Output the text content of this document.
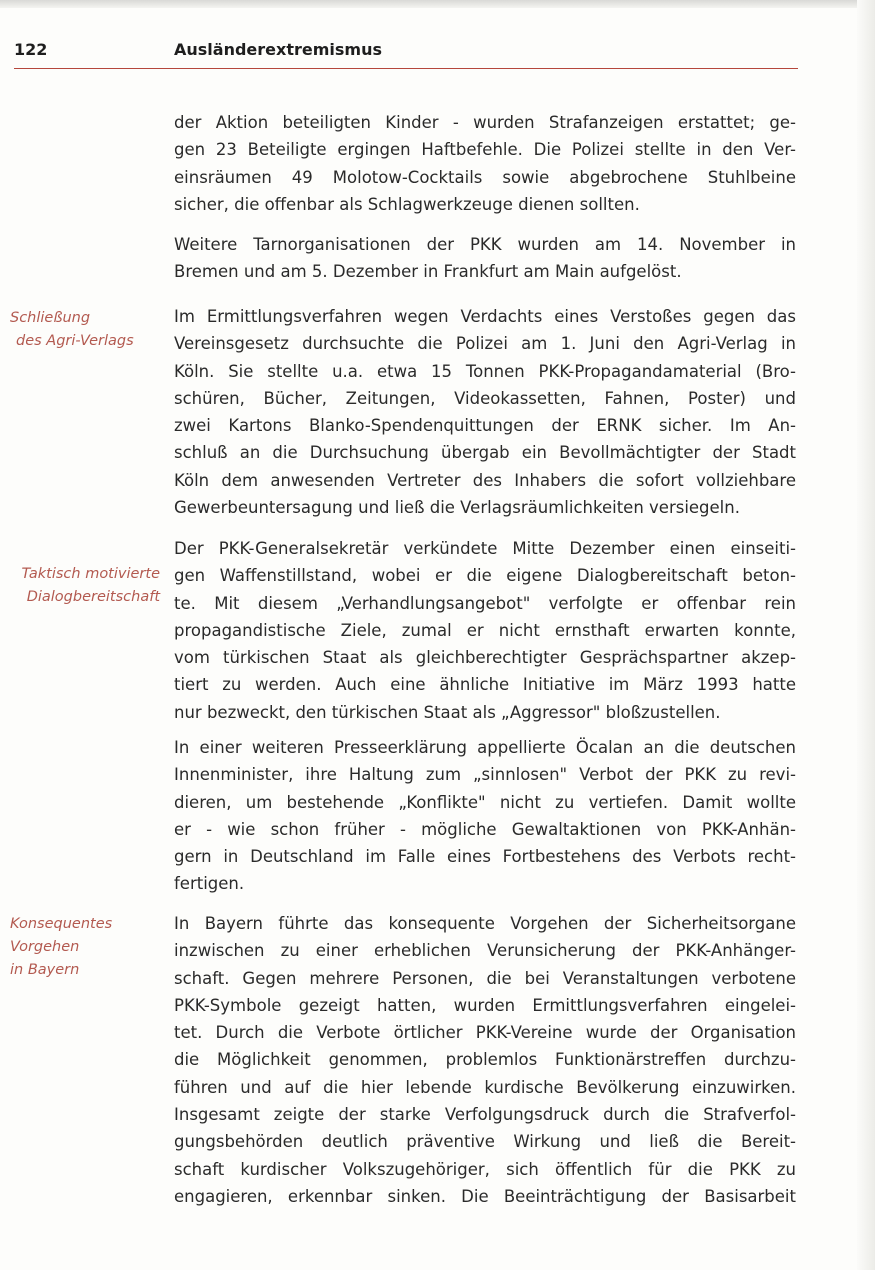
122	Ausländerextremismus
Schließung
des Agri-Verlags
Taktisch motivierte
Dialogbereitschaft
Konsequentes
Vorgehen
in Bayern
der Aktion beteiligten Kinder - wurden Strafanzeigen erstattet; ge-
gen 23 Beteiligte ergingen Haftbefehle. Die Polizei stellte in den Ver-
einsräumen 49 Molotow-Cocktails sowie abgebrochene Stuhlbeine
sicher, die offenbar als Schlagwerkzeuge dienen sollten.
Weitere Tarnorganisationen der PKK wurden am 14. November in
Bremen und am 5. Dezember in Frankfurt am Main aufgelöst.
Im Ermittlungsverfahren wegen Verdachts eines Verstoßes gegen das
Vereinsgesetz durchsuchte die Polizei am 1. Juni den Agri-Verlag in
Köln. Sie stellte u.a. etwa 15 Tonnen PKK-Propagandamaterial (Bro-
schüren, Bücher, Zeitungen, Videokassetten, Fahnen, Poster) und
zwei Kartons Blanko-Spendenquittungen der ERNK sicher. Im An-
schluß an die Durchsuchung übergab ein Bevollmächtigter der Stadt
Köln dem anwesenden Vertreter des Inhabers die sofort vollziehbare
Gewerbeuntersagung und ließ die Verlagsräumlichkeiten versiegeln.
Der PKK-Generalsekretär verkündete Mitte Dezember einen einseiti-
gen Waffenstillstand, wobei er die eigene Dialogbereitschaft beton-
te. Mit diesem „Verhandlungsangebot" verfolgte er offenbar rein
propagandistische Ziele, zumal er nicht ernsthaft erwarten konnte,
vom türkischen Staat als gleichberechtigter Gesprächspartner akzep-
tiert zu werden. Auch eine ähnliche Initiative im März 1993 hatte
nur bezweckt, den türkischen Staat als „Aggressor" bloßzustellen.
In einer weiteren Presseerklärung appellierte Öcalan an die deutschen
Innenminister, ihre Haltung zum „sinnlosen" Verbot der PKK zu revi-
dieren, um bestehende „Konflikte" nicht zu vertiefen. Damit wollte
er - wie schon früher - mögliche Gewaltaktionen von PKK-Anhän-
gern in Deutschland im Falle eines Fortbestehens des Verbots recht-
fertigen.
In Bayern führte das konsequente Vorgehen der Sicherheitsorgane
inzwischen zu einer erheblichen Verunsicherung der PKK-Anhänger-
schaft. Gegen mehrere Personen, die bei Veranstaltungen verbotene
PKK-Symbole gezeigt hatten, wurden Ermittlungsverfahren eingelei-
tet. Durch die Verbote örtlicher PKK-Vereine wurde der Organisation
die Möglichkeit genommen, problemlos Funktionärstreffen durchzu-
führen und auf die hier lebende kurdische Bevölkerung einzuwirken.
Insgesamt zeigte der starke Verfolgungsdruck durch die Strafverfol-
gungsbehörden deutlich präventive Wirkung und ließ die Bereit-
schaft kurdischer Volkszugehöriger, sich öffentlich für die PKK zu
engagieren, erkennbar sinken. Die Beeinträchtigung der Basisarbeit
